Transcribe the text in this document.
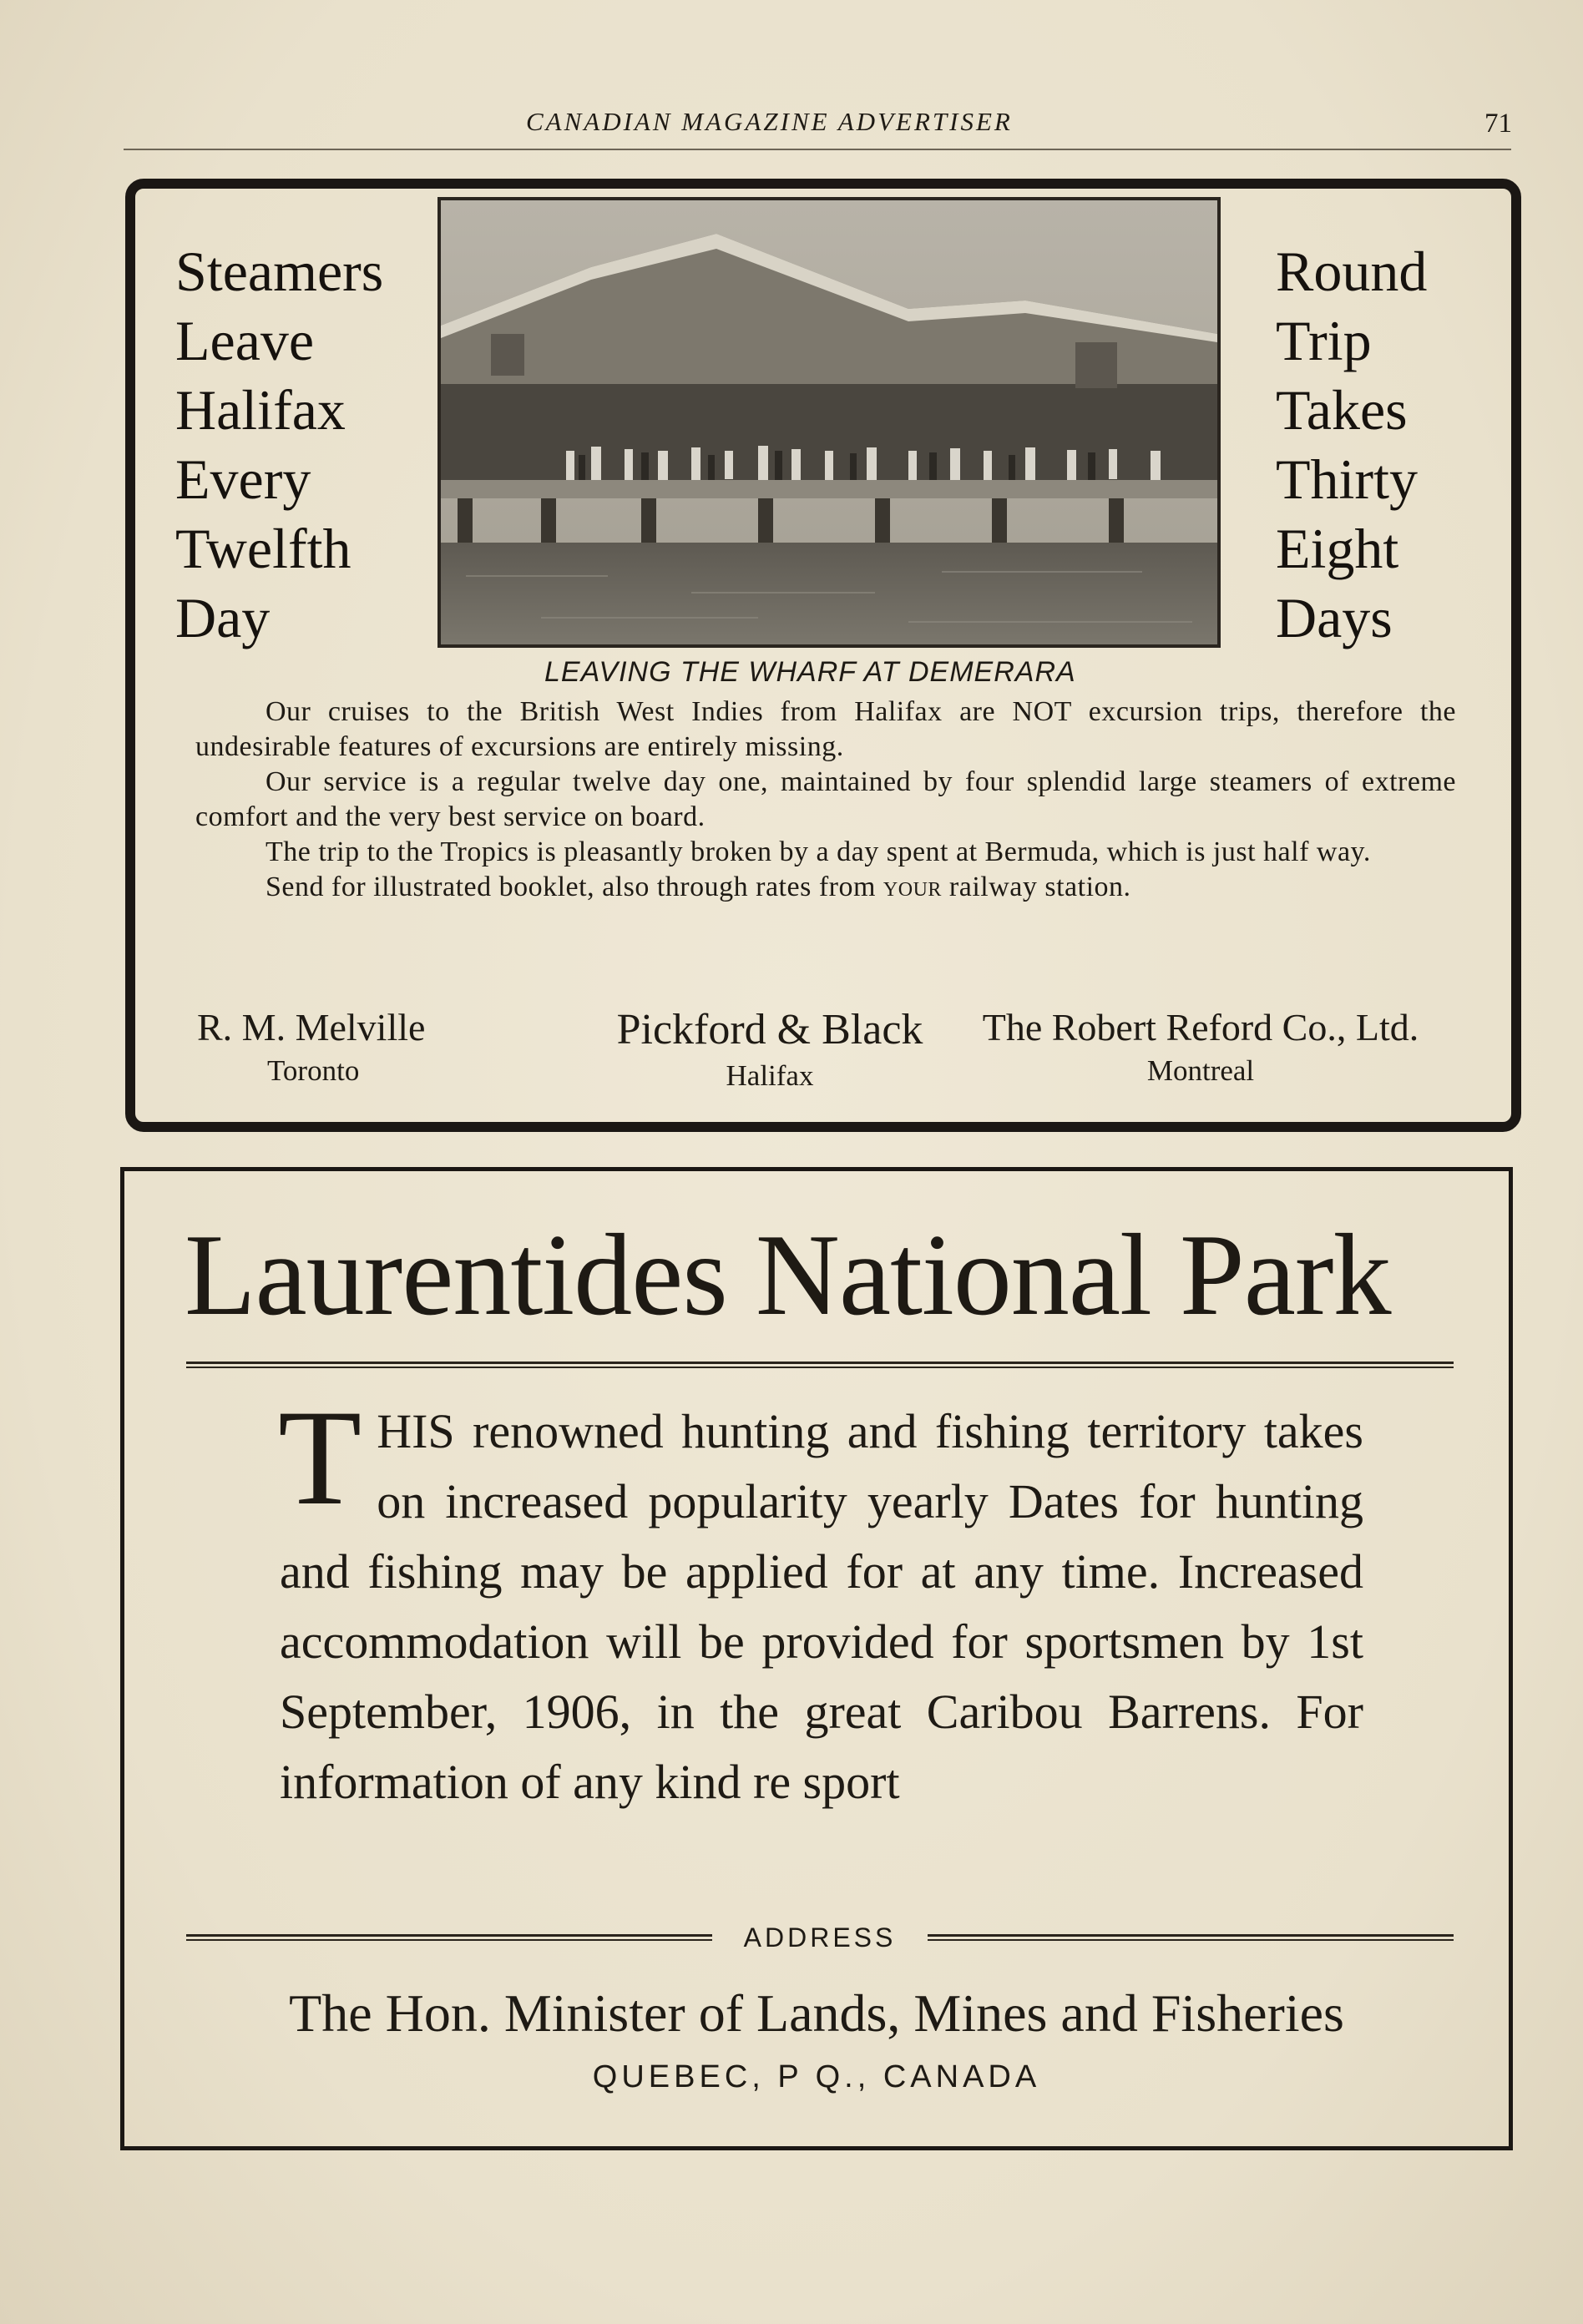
CANADIAN MAGAZINE ADVERTISER	71
Steamers
Leave
Halifax
Every
Twelfth
Day
Round
Trip
Takes
Thirty
Eight
Days
LEAVING THE WHARF AT DEMERARA

Our cruises to the British West Indies from Halifax are NOT excursion trips, therefore the undesirable features of excursions are entirely missing.

Our service is a regular twelve day one, maintained by four splendid large steamers of extreme comfort and the very best service on board.

The trip to the Tropics is pleasantly broken by a day spent at Bermuda, which is just half way.

Send for illustrated booklet, also through rates from your railway station.

R. M. Melville
Toronto
Pickford & Black
Halifax
The Robert Reford Co., Ltd.
Montreal
Laurentides National Park
THIS renowned hunting and fishing territory takes on increased popularity yearly Dates for hunting and fishing may be applied for at any time. Increased accommodation will be provided for sportsmen by 1st September, 1906, in the great Caribou Barrens. For information of any kind re sport
ADDRESS
The Hon. Minister of Lands, Mines and Fisheries
QUEBEC, P Q., CANADA
